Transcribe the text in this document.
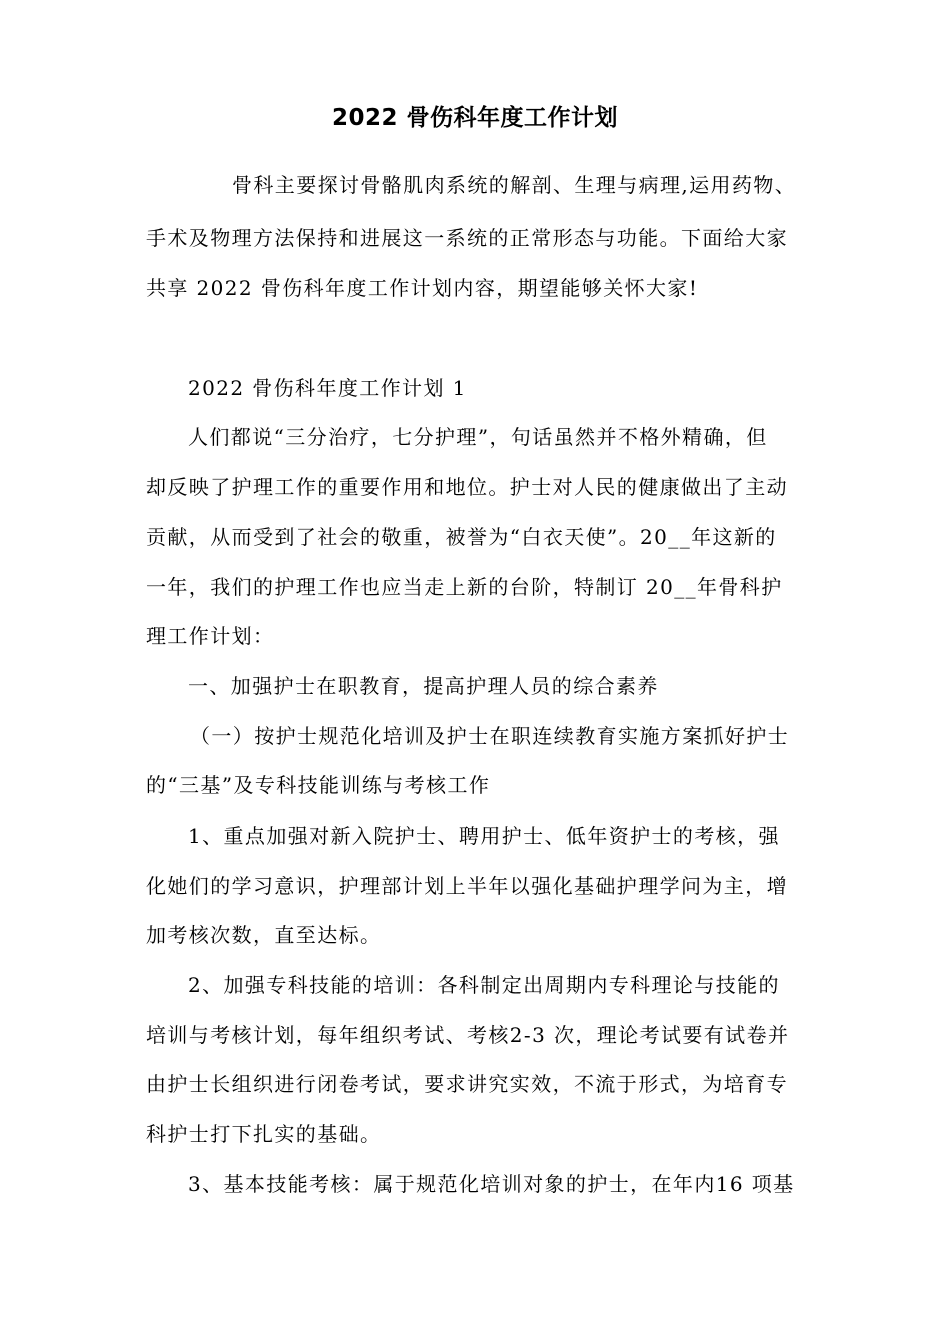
2022 骨伤科年度工作计划
骨科主要探讨骨骼肌肉系统的解剖、生理与病理,运用药物、
手术及物理方法保持和进展这一系统的正常形态与功能。下面给大家
共享 2022 骨伤科年度工作计划内容，期望能够关怀大家!
2022 骨伤科年度工作计划 1
人们都说“三分治疗，七分护理”，句话虽然并不格外精确，但
却反映了护理工作的重要作用和地位。护士对人民的健康做出了主动
贡献，从而受到了社会的敬重，被誉为“白衣天使”。20__年这新的
一年，我们的护理工作也应当走上新的台阶，特制订 20__年骨科护
理工作计划：
一、加强护士在职教育，提高护理人员的综合素养
（一）按护士规范化培训及护士在职连续教育实施方案抓好护士
的“三基”及专科技能训练与考核工作
1、重点加强对新入院护士、聘用护士、低年资护士的考核，强
化她们的学习意识，护理部计划上半年以强化基础护理学问为主，增
加考核次数，直至达标。
2、加强专科技能的培训：各科制定出周期内专科理论与技能的
培训与考核计划，每年组织考试、考核2-3 次，理论考试要有试卷并
由护士长组织进行闭卷考试，要求讲究实效，不流于形式，为培育专
科护士打下扎实的基础。
3、基本技能考核：属于规范化培训对象的护士，在年内16 项基
